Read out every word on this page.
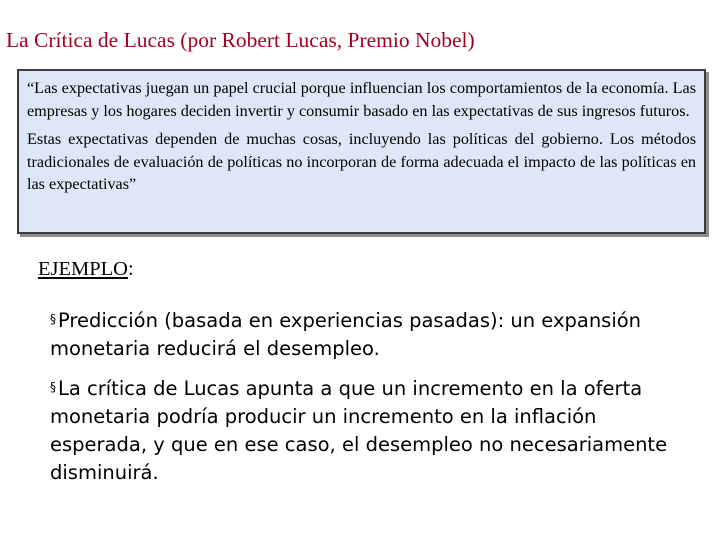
La Crítica de Lucas (por Robert Lucas, Premio Nobel)

“Las expectativas juegan un papel crucial porque influencian los comportamientos de la economía. Las empresas y los hogares deciden invertir y consumir basado en las expectativas de sus ingresos futuros.

Estas expectativas dependen de muchas cosas, incluyendo las políticas del gobierno. Los métodos tradicionales de evaluación de políticas no incorporan de forma adecuada el impacto de las políticas en las expectativas”

EJEMPLO:

§ Predicción (basada en experiencias pasadas): un expansión monetaria reducirá el desempleo.

§ La crítica de Lucas apunta a que un incremento en la oferta monetaria podría producir un incremento en la inflación esperada, y que en ese caso, el desempleo no necesariamente disminuirá.
